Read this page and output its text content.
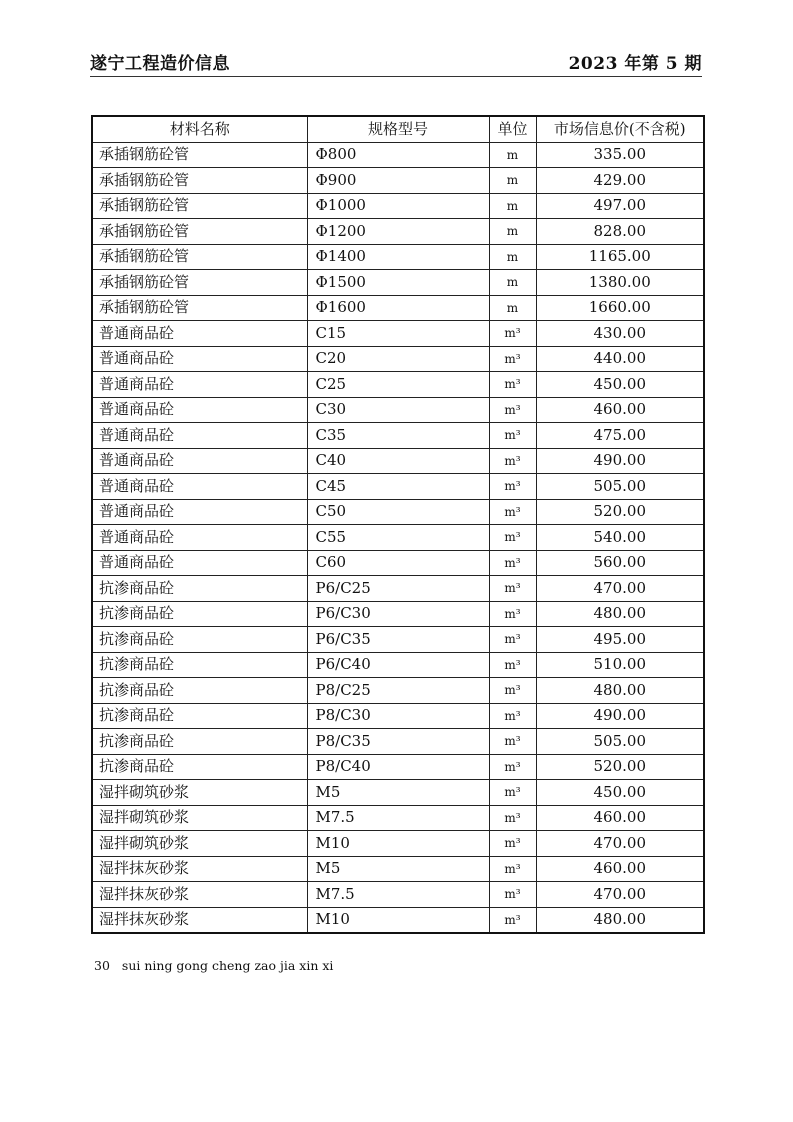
遂宁工程造价信息	2023 年第 5 期
材料名称	规格型号	单位	市场信息价(不含税)
承插钢筋砼管	Φ800	m	335.00
承插钢筋砼管	Φ900	m	429.00
承插钢筋砼管	Φ1000	m	497.00
承插钢筋砼管	Φ1200	m	828.00
承插钢筋砼管	Φ1400	m	1165.00
承插钢筋砼管	Φ1500	m	1380.00
承插钢筋砼管	Φ1600	m	1660.00
普通商品砼	C15	m³	430.00
普通商品砼	C20	m³	440.00
普通商品砼	C25	m³	450.00
普通商品砼	C30	m³	460.00
普通商品砼	C35	m³	475.00
普通商品砼	C40	m³	490.00
普通商品砼	C45	m³	505.00
普通商品砼	C50	m³	520.00
普通商品砼	C55	m³	540.00
普通商品砼	C60	m³	560.00
抗渗商品砼	P6/C25	m³	470.00
抗渗商品砼	P6/C30	m³	480.00
抗渗商品砼	P6/C35	m³	495.00
抗渗商品砼	P6/C40	m³	510.00
抗渗商品砼	P8/C25	m³	480.00
抗渗商品砼	P8/C30	m³	490.00
抗渗商品砼	P8/C35	m³	505.00
抗渗商品砼	P8/C40	m³	520.00
湿拌砌筑砂浆	M5	m³	450.00
湿拌砌筑砂浆	M7.5	m³	460.00
湿拌砌筑砂浆	M10	m³	470.00
湿拌抹灰砂浆	M5	m³	460.00
湿拌抹灰砂浆	M7.5	m³	470.00
湿拌抹灰砂浆	M10	m³	480.00
30 sui ning gong cheng zao jia xin xi
